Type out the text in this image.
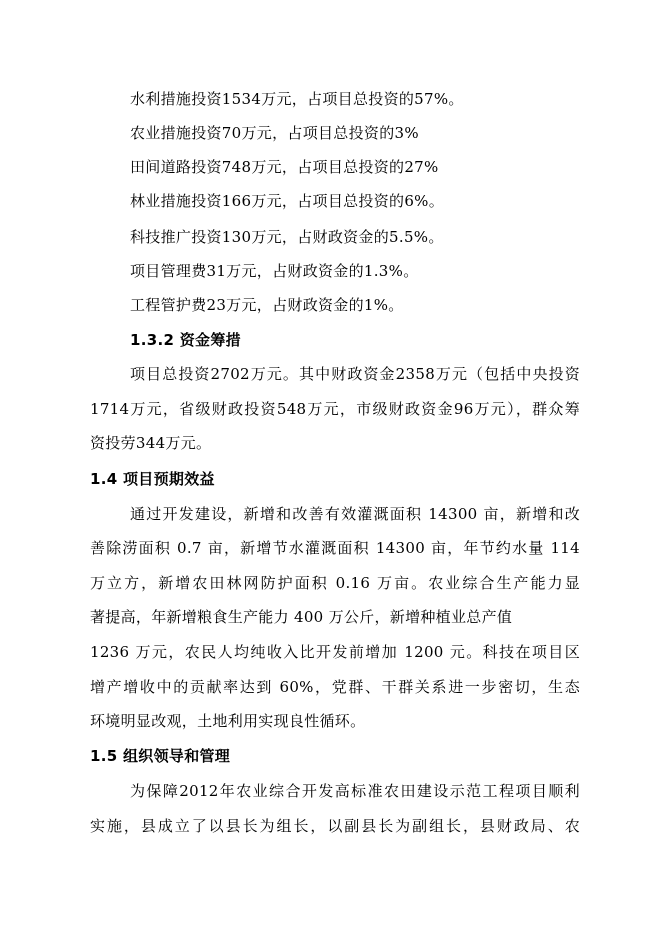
水利措施投资1534万元，占项目总投资的57%。

农业措施投资70万元，占项目总投资的3%

田间道路投资748万元，占项目总投资的27%

林业措施投资166万元，占项目总投资的6%。

科技推广投资130万元，占财政资金的5.5%。

项目管理费31万元，占财政资金的1.3%。

工程管护费23万元，占财政资金的1%。

1.3.2 资金筹措

项目总投资2702万元。其中财政资金2358万元（包括中央投资

1714万元，省级财政投资548万元，市级财政资金96万元），群众筹

资投劳344万元。

1.4 项目预期效益

通过开发建设，新增和改善有效灌溉面积 14300 亩，新增和改

善除涝面积 0.7 亩，新增节水灌溉面积 14300 亩，年节约水量 114

万立方，新增农田林网防护面积 0.16 万亩。农业综合生产能力显

著提高，年新增粮食生产能力 400 万公斤，新增种植业总产值

1236 万元，农民人均纯收入比开发前增加 1200 元。科技在项目区

增产增收中的贡献率达到 60%，党群、干群关系进一步密切，生态

环境明显改观，土地利用实现良性循环。

1.5 组织领导和管理

为保障2012年农业综合开发高标准农田建设示范工程项目顺利

实施，县成立了以县长为组长，以副县长为副组长，县财政局、农
